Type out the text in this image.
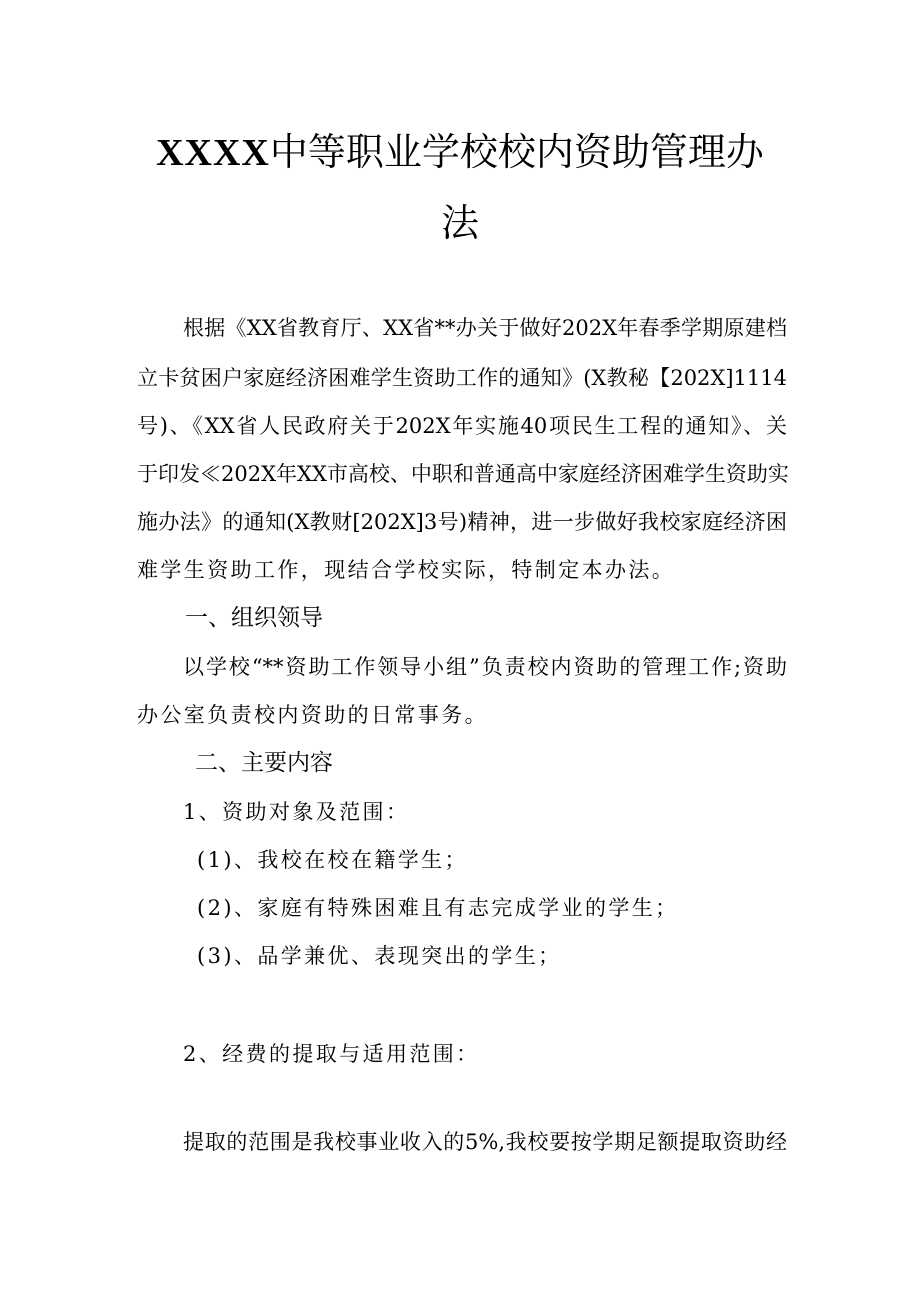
XXXX中等职业学校校内资助管理办
法
根据《XX省教育厅、XX省**办关于做好202X年春季学期原建档
立卡贫困户家庭经济困难学生资助工作的通知》(X教秘【202X]1114
号)、《XX省人民政府关于202X年实施40项民生工程的通知》、关
于印发≪202X年XX市高校、中职和普通高中家庭经济困难学生资助实
施办法》的通知(X教财[202X]3号)精神，进一步做好我校家庭经济困
难学生资助工作，现结合学校实际，特制定本办法。
一、组织领导
以学校“**资助工作领导小组”负责校内资助的管理工作;资助
办公室负责校内资助的日常事务。
二、主要内容
1、资助对象及范围：
(1)、我校在校在籍学生；
(2)、家庭有特殊困难且有志完成学业的学生；
(3)、品学兼优、表现突出的学生；
2、经费的提取与适用范围：
提取的范围是我校事业收入的5%,我校要按学期足额提取资助经
